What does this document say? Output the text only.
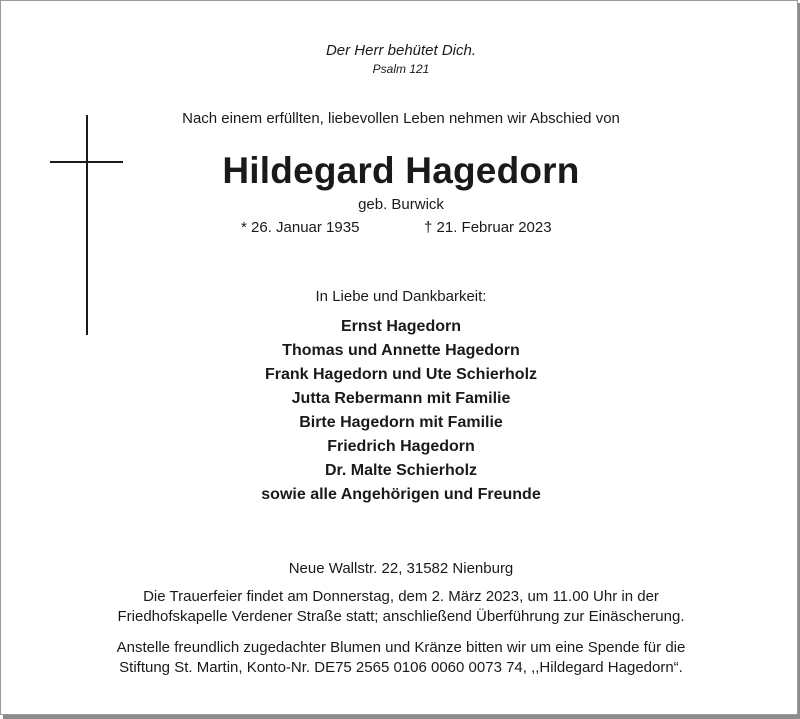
Der Herr behütet Dich.
Psalm 121
Nach einem erfüllten, liebevollen Leben nehmen wir Abschied von
Hildegard Hagedorn
geb. Burwick
* 26. Januar 1935	† 21. Februar 2023
In Liebe und Dankbarkeit:
Ernst Hagedorn
Thomas und Annette Hagedorn
Frank Hagedorn und Ute Schierholz
Jutta Rebermann mit Familie
Birte Hagedorn mit Familie
Friedrich Hagedorn
Dr. Malte Schierholz
sowie alle Angehörigen und Freunde
Neue Wallstr. 22, 31582 Nienburg
Die Trauerfeier findet am Donnerstag, dem 2. März 2023, um 11.00 Uhr in der
Friedhofskapelle Verdener Straße statt; anschließend Überführung zur Einäscherung.
Anstelle freundlich zugedachter Blumen und Kränze bitten wir um eine Spende für die
Stiftung St. Martin, Konto-Nr. DE75 2565 0106 0060 0073 74, ,,Hildegard Hagedorn“.
